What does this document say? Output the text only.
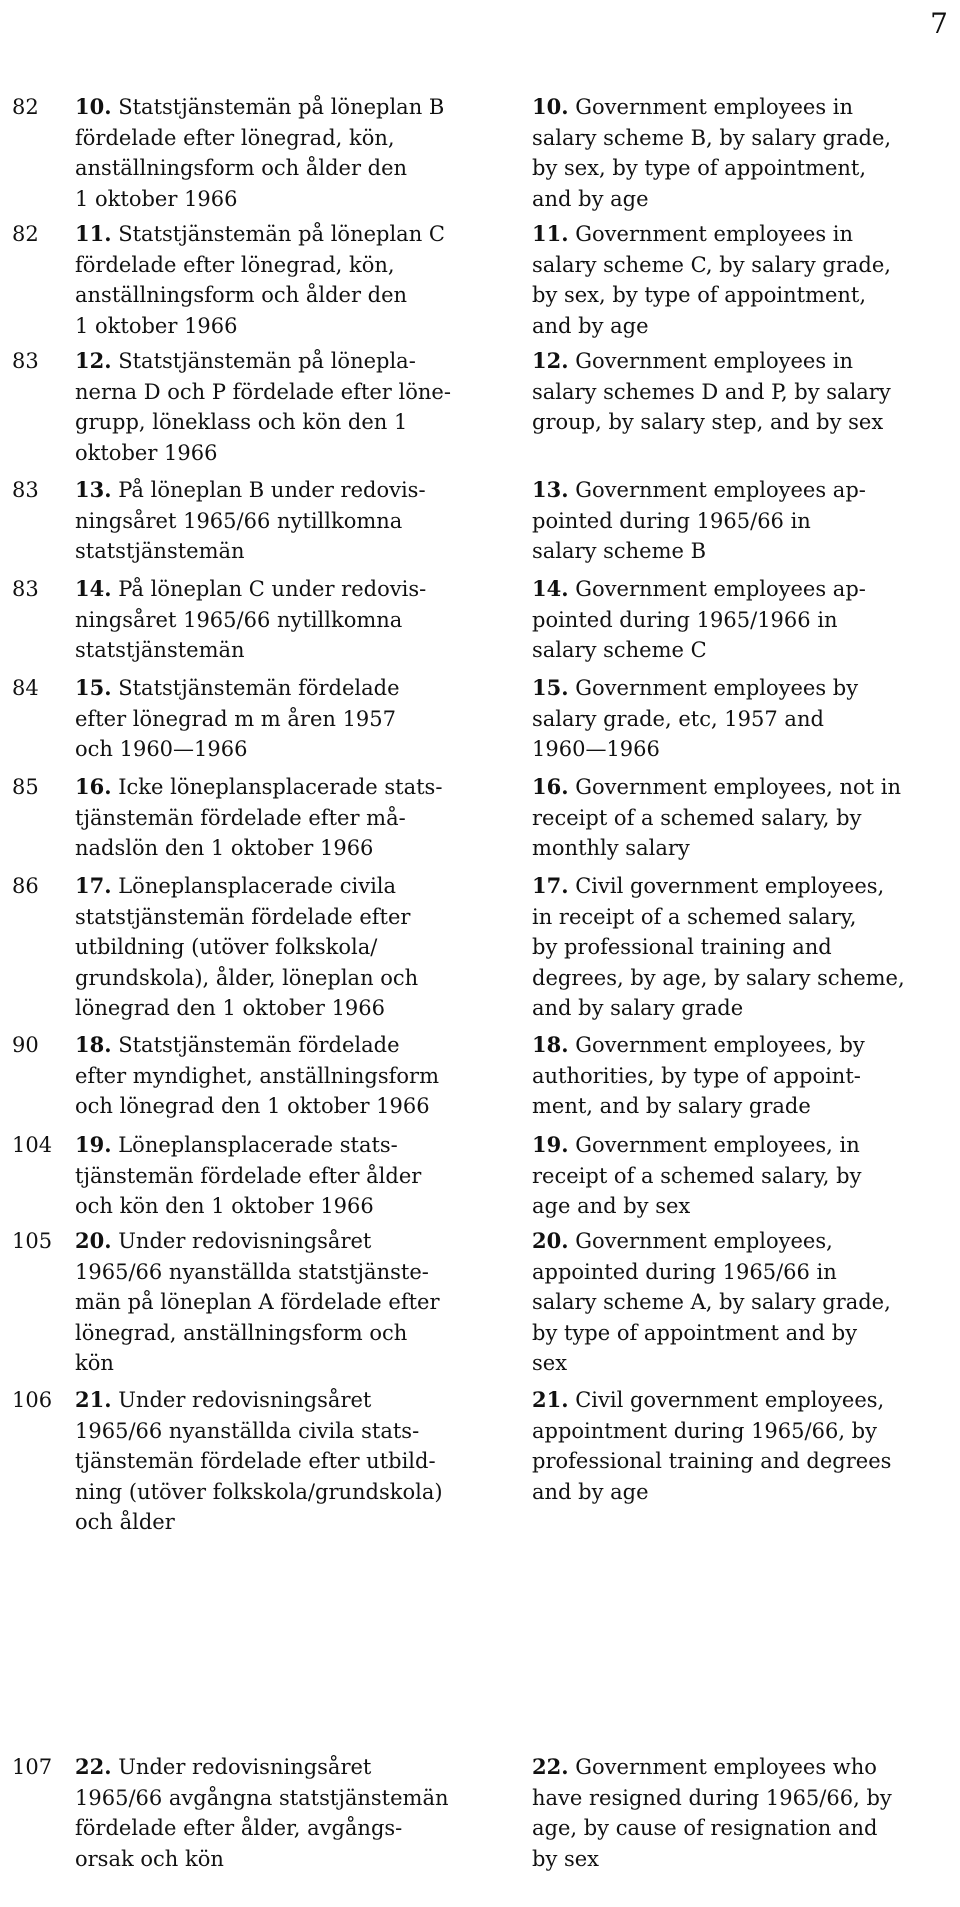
7
82	10. Statstjänstemän på löneplan B
fördelade efter lönegrad, kön,
anställningsform och ålder den
1 oktober 1966
10. Government employees in
salary scheme B, by salary grade,
by sex, by type of appointment,
and by age
82	11. Statstjänstemän på löneplan C
fördelade efter lönegrad, kön,
anställningsform och ålder den
1 oktober 1966
11. Government employees in
salary scheme C, by salary grade,
by sex, by type of appointment,
and by age
83	12. Statstjänstemän på lönepla-
nerna D och P fördelade efter löne-
grupp, löneklass och kön den 1
oktober 1966
12. Government employees in
salary schemes D and P, by salary
group, by salary step, and by sex
83	13. På löneplan B under redovis-
ningsåret 1965/66 nytillkomna
statstjänstemän
13. Government employees ap-
pointed during 1965/66 in
salary scheme B
83	14. På löneplan C under redovis-
ningsåret 1965/66 nytillkomna
statstjänstemän
14. Government employees ap-
pointed during 1965/1966 in
salary scheme C
84	15. Statstjänstemän fördelade
efter lönegrad m m åren 1957
och 1960—1966
15. Government employees by
salary grade, etc, 1957 and
1960—1966
85	16. Icke löneplansplacerade stats-
tjänstemän fördelade efter må-
nadslön den 1 oktober 1966
16. Government employees, not in
receipt of a schemed salary, by
monthly salary
86	17. Löneplansplacerade civila
statstjänstemän fördelade efter
utbildning (utöver folkskola/
grundskola), ålder, löneplan och
lönegrad den 1 oktober 1966
17. Civil government employees,
in receipt of a schemed salary,
by professional training and
degrees, by age, by salary scheme,
and by salary grade
90	18. Statstjänstemän fördelade
efter myndighet, anställningsform
och lönegrad den 1 oktober 1966
18. Government employees, by
authorities, by type of appoint-
ment, and by salary grade
104	19. Löneplansplacerade stats-
tjänstemän fördelade efter ålder
och kön den 1 oktober 1966
19. Government employees, in
receipt of a schemed salary, by
age and by sex
105	20. Under redovisningsåret
1965/66 nyanställda statstjänste-
män på löneplan A fördelade efter
lönegrad, anställningsform och
kön
20. Government employees,
appointed during 1965/66 in
salary scheme A, by salary grade,
by type of appointment and by
sex
106	21. Under redovisningsåret
1965/66 nyanställda civila stats-
tjänstemän fördelade efter utbild-
ning (utöver folkskola/grundskola)
och ålder
21. Civil government employees,
appointment during 1965/66, by
professional training and degrees
and by age
107	22. Under redovisningsåret
1965/66 avgångna statstjänstemän
fördelade efter ålder, avgångs-
orsak och kön
22. Government employees who
have resigned during 1965/66, by
age, by cause of resignation and
by sex
